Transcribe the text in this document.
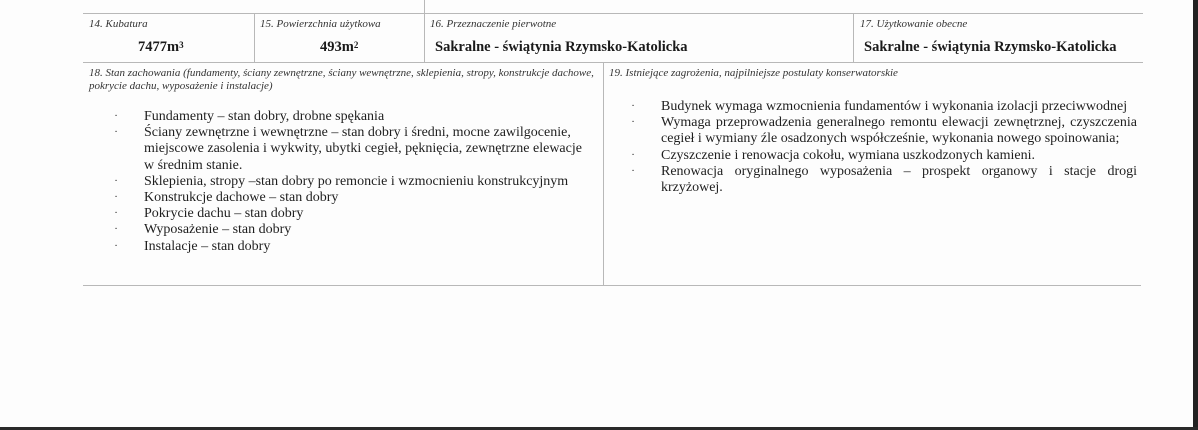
14. Kubatura
$7477m^3$
15. Powierzchnia użytkowa
$493m^2$
16. Przeznaczenie pierwotne
Sakralne - świątynia Rzymsko-Katolicka
17. Użytkowanie obecne
Sakralne - świątynia Rzymsko-Katolicka
18. Stan zachowania (fundamenty, ściany zewnętrzne, ściany wewnętrzne, sklepienia, stropy, konstrukcje dachowe, pokrycie dachu, wyposażenie i instalacje)
·	Fundamenty – stan dobry, drobne spękania
·	Ściany zewnętrzne i wewnętrzne – stan dobry i średni, mocne zawilgocenie, miejscowe zasolenia i wykwity, ubytki cegieł, pęknięcia, zewnętrzne elewacje w średnim stanie.
·	Sklepienia, stropy –stan dobry po remoncie i wzmocnieniu konstrukcyjnym
·	Konstrukcje dachowe – stan dobry
·	Pokrycie dachu – stan dobry
·	Wyposażenie – stan dobry
·	Instalacje – stan dobry
19. Istniejące zagrożenia, najpilniejsze postulaty konserwatorskie
·	Budynek wymaga wzmocnienia fundamentów i wykonania izolacji przeciwwodnej
·	Wymaga przeprowadzenia generalnego remontu elewacji zewnętrznej, czyszczenia cegieł i wymiany źle osadzonych współcześnie, wykonania nowego spoinowania;
·	Czyszczenie i renowacja cokołu, wymiana uszkodzonych kamieni.
·	Renowacja oryginalnego wyposażenia – prospekt organowy i stacje drogi krzyżowej.
